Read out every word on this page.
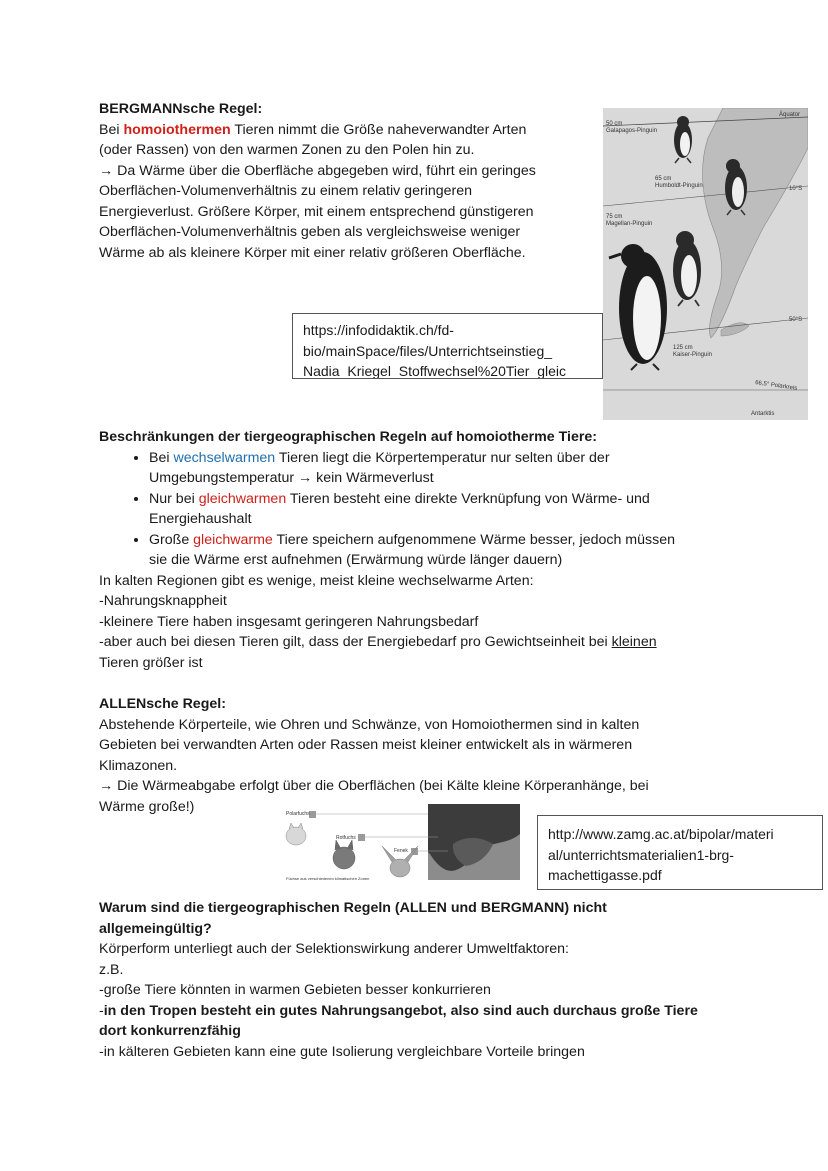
BERGMANNsche Regel:
Bei homoiothermen Tieren nimmt die Größe naheverwandter Arten
(oder Rassen) von den warmen Zonen zu den Polen hin zu.
→ Da Wärme über die Oberfläche abgegeben wird, führt ein geringes
Oberflächen-Volumenverhältnis zu einem relativ geringeren
Energieverlust. Größere Körper, mit einem entsprechend günstigeren
Oberflächen-Volumenverhältnis geben als vergleichsweise weniger
Wärme ab als kleinere Körper mit einer relativ größeren Oberfläche.
https://infodidaktik.ch/fd-
bio/mainSpace/files/Unterrichtseinstieg_
Nadia_Kriegel_Stoffwechsel%20Tier_gleic
Äquator
50 cm
Galapagos-Pinguin
65 cm
Humboldt-Pinguin
75 cm
Magellan-Pinguin
125 cm
Kaiser-Pinguin
10°S
50°S
66,5° Polarkreis
Antarktis
Beschränkungen der tiergeographischen Regeln auf homoiotherme Tiere:
• Bei wechselwarmen Tieren liegt die Körpertemperatur nur selten über der
Umgebungstemperatur → kein Wärmeverlust
• Nur bei gleichwarmen Tieren besteht eine direkte Verknüpfung von Wärme- und
Energiehaushalt
• Große gleichwarme Tiere speichern aufgenommene Wärme besser, jedoch müssen
sie die Wärme erst aufnehmen (Erwärmung würde länger dauern)
In kalten Regionen gibt es wenige, meist kleine wechselwarme Arten:
-Nahrungsknappheit
-kleinere Tiere haben insgesamt geringeren Nahrungsbedarf
-aber auch bei diesen Tieren gilt, dass der Energiebedarf pro Gewichtseinheit bei kleinen
Tieren größer ist
ALLENsche Regel:
Abstehende Körperteile, wie Ohren und Schwänze, von Homoiothermen sind in kalten
Gebieten bei verwandten Arten oder Rassen meist kleiner entwickelt als in wärmeren
Klimazonen.
→ Die Wärmeabgabe erfolgt über die Oberflächen (bei Kälte kleine Körperanhänge, bei
Wärme große!)	Polarfuchs
Rotfuchs
Fenek
Füchse aus verschiedenen klimatischen Zonen
http://www.zamg.ac.at/bipolar/materi
al/unterrichtsmaterialien1-brg-
machettigasse.pdf
Warum sind die tiergeographischen Regeln (ALLEN und BERGMANN) nicht
allgemeingültig?
Körperform unterliegt auch der Selektionswirkung anderer Umweltfaktoren:
z.B.
-große Tiere könnten in warmen Gebieten besser konkurrieren
-in den Tropen besteht ein gutes Nahrungsangebot, also sind auch durchaus große Tiere
dort konkurrenzfähig
-in kälteren Gebieten kann eine gute Isolierung vergleichbare Vorteile bringen
